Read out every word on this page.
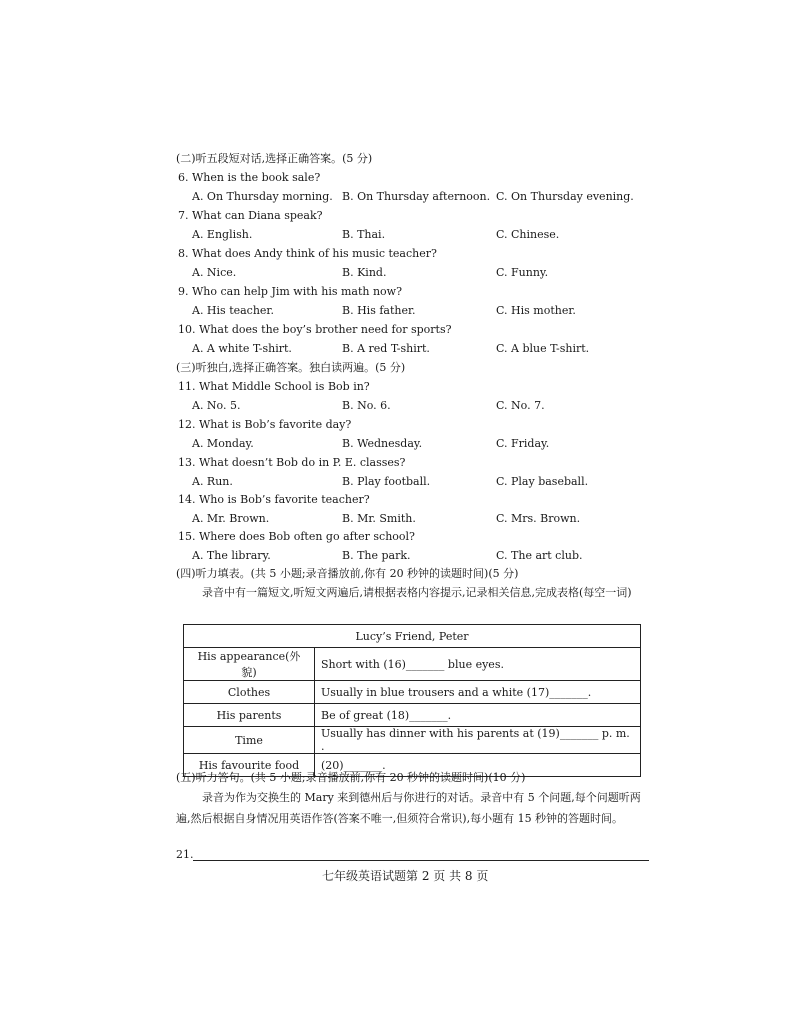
(二)听五段短对话,选择正确答案。(5 分)
6. When is the book sale?
A. On Thursday morning. B. On Thursday afternoon. C. On Thursday evening.
7. What can Diana speak?
A. English.	B. Thai.	C. Chinese.
8. What does Andy think of his music teacher?
A. Nice.	B. Kind.	C. Funny.
9. Who can help Jim with his math now?
A. His teacher.	B. His father.	C. His mother.
10. What does the boy’s brother need for sports?
A. A white T-shirt.	B. A red T-shirt.	C. A blue T-shirt.
(三)听独白,选择正确答案。独白读两遍。(5 分)
11. What Middle School is Bob in?
A. No. 5.	B. No. 6.	C. No. 7.
12. What is Bob’s favorite day?
A. Monday.	B. Wednesday.	C. Friday.
13. What doesn’t Bob do in P. E. classes?
A. Run.	B. Play football.	C. Play baseball.
14. Who is Bob’s favorite teacher?
A. Mr. Brown.	B. Mr. Smith.	C. Mrs. Brown.
15. Where does Bob often go after school?
A. The library.	B. The park.	C. The art club.
(四)听力填表。(共 5 小题;录音播放前,你有 20 秒钟的读题时间)(5 分)
录音中有一篇短文,听短文两遍后,请根据表格内容提示,记录相关信息,完成表格(每空一词)
Lucy’s Friend, Peter	
His appearance(外貌)	Short with (16)_______ blue eyes.
Clothes	Usually in blue trousers and a white (17)_______.
His parents	Be of great (18)_______.
Time	Usually has dinner with his parents at (19)_______ p. m. .
His favourite food	(20)_______.
(五)听力答句。(共 5 小题;录音播放前,你有 20 秒钟的读题时间)(10 分)
录音为作为交换生的 Mary 来到德州后与你进行的对话。录音中有 5 个问题,每个问题听两遍,然后根据自身情况用英语作答(答案不唯一,但须符合常识),每小题有 15 秒钟的答题时间。
21.
七年级英语试题第 2 页 共 8 页
